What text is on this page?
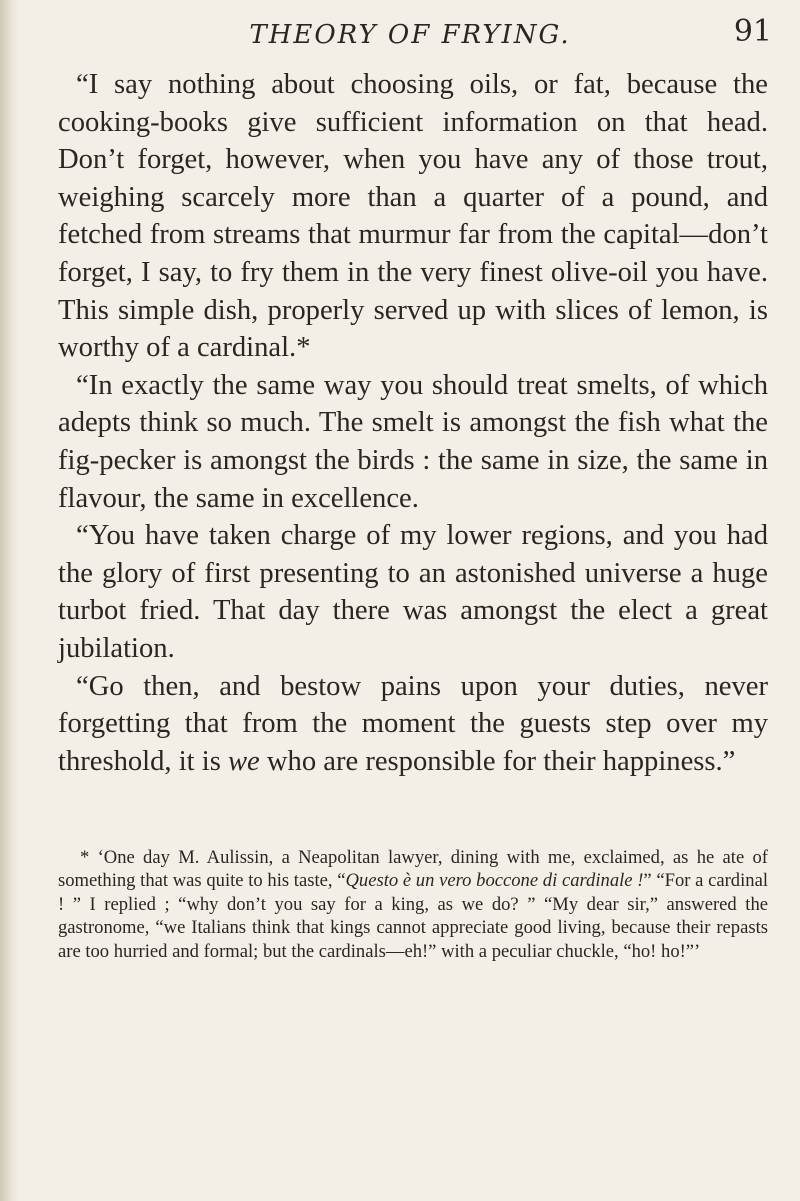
THEORY OF FRYING.	91

“I say nothing about choosing oils, or fat, because the cooking-books give sufficient information on that head. Don’t forget, however, when you have any of those trout, weighing scarcely more than a quarter of a pound, and fetched from streams that murmur far from the capital—don’t forget, I say, to fry them in the very finest olive-oil you have. This simple dish, properly served up with slices of lemon, is worthy of a cardinal.*

“In exactly the same way you should treat smelts, of which adepts think so much. The smelt is amongst the fish what the fig-pecker is amongst the birds : the same in size, the same in flavour, the same in excellence.

“You have taken charge of my lower regions, and you had the glory of first presenting to an astonished universe a huge turbot fried. That day there was amongst the elect a great jubilation.

“Go then, and bestow pains upon your duties, never forgetting that from the moment the guests step over my threshold, it is we who are responsible for their happiness.”

* ‘One day M. Aulissin, a Neapolitan lawyer, dining with me, exclaimed, as he ate of something that was quite to his taste, “Questo è un vero boccone di cardinale !” “For a cardinal ! ” I replied ; “why don’t you say for a king, as we do? ” “My dear sir,” answered the gastronome, “we Italians think that kings cannot appreciate good living, because their repasts are too hurried and formal; but the cardinals—eh!” with a peculiar chuckle, “ho! ho!”’
